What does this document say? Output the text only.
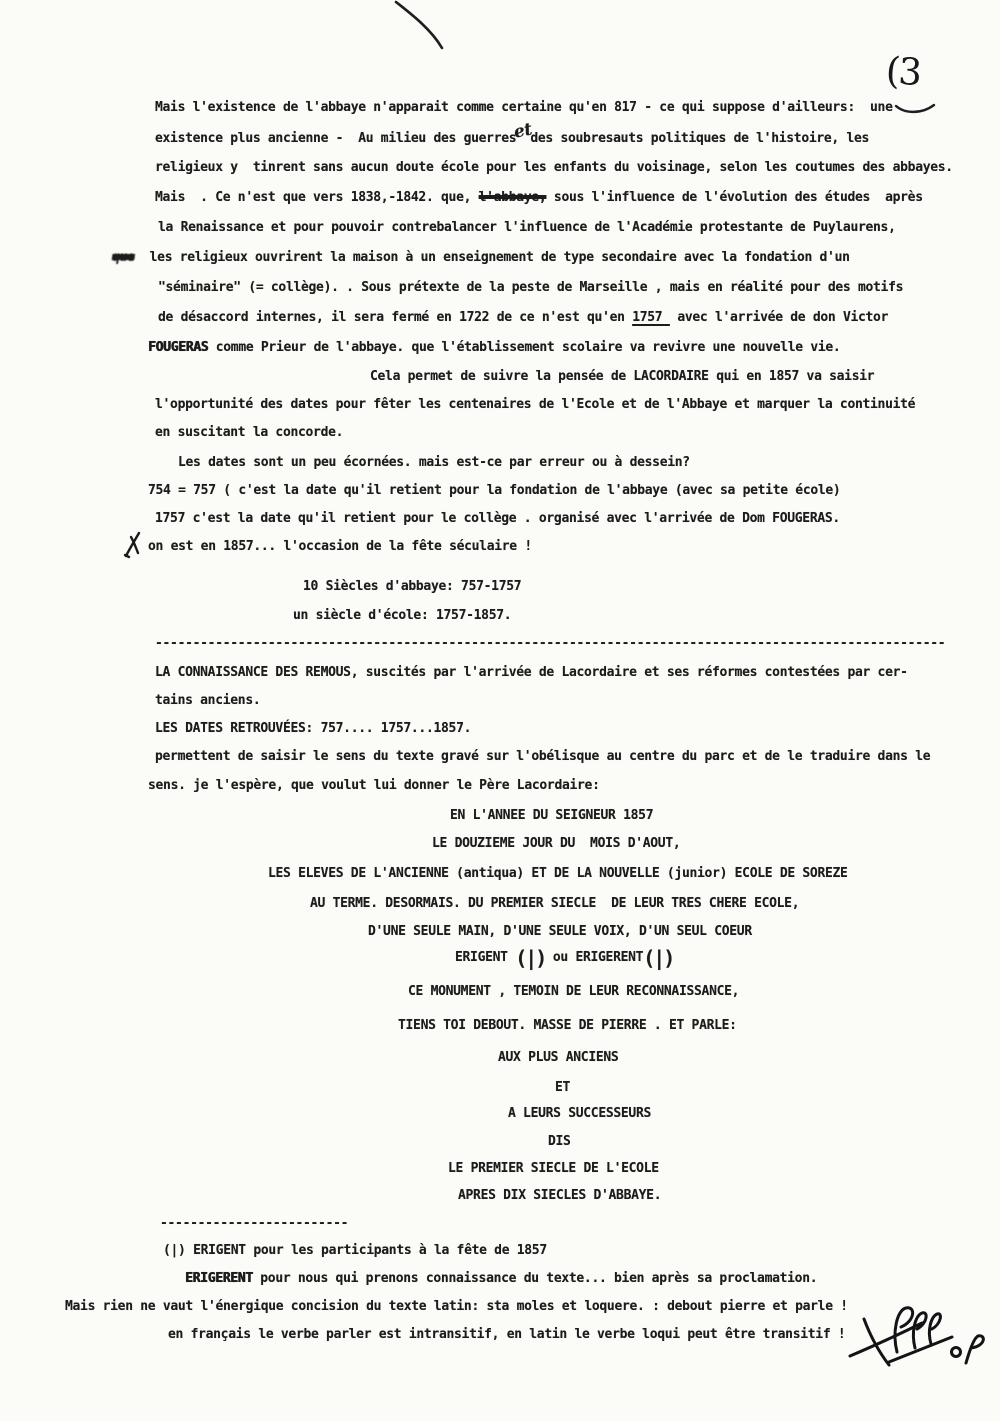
(3
Mais l'existence de l'abbaye n'apparait comme certaine qu'en 817 - ce qui suppose d'ailleurs:  une
existence plus ancienne -  Au milieu des guerresetdes soubresauts politiques de l'histoire, les
religieux y  tinrent sans aucun doute école pour les enfants du voisinage, selon les coutumes des abbayes.
Mais  . Ce n'est que vers 1838,-1842. que, l'abbaye, sous l'influence de l'évolution des études  après
la Renaissance et pour pouvoir contrebalancer l'influence de l'Académie protestante de Puylaurens,
que  les religieux ouvrirent la maison à un enseignement de type secondaire avec la fondation d'un
"séminaire" (= collège). . Sous prétexte de la peste de Marseille , mais en réalité pour des motifs
de désaccord internes, il sera fermé en 1722 de ce n'est qu'en 1757  avec l'arrivée de don Victor
FOUGERAS comme Prieur de l'abbaye. que l'établissement scolaire va revivre une nouvelle vie.
Cela permet de suivre la pensée de LACORDAIRE qui en 1857 va saisir
l'opportunité des dates pour fêter les centenaires de l'Ecole et de l'Abbaye et marquer la continuité
en suscitant la concorde.
Les dates sont un peu écornées. mais est-ce par erreur ou à dessein?
754 = 757 ( c'est la date qu'il retient pour la fondation de l'abbaye (avec sa petite école)
1757 c'est la date qu'il retient pour le collège . organisé avec l'arrivée de Dom FOUGERAS.
on est en 1857... l'occasion de la fête séculaire !
10 Siècles d'abbaye: 757-1757
un siècle d'école: 1757-1857.
---------------------------------------------------------------------------------------------------------
LA CONNAISSANCE DES REMOUS, suscités par l'arrivée de Lacordaire et ses réformes contestées par cer-
tains anciens.
LES DATES RETROUVÉES: 757.... 1757...1857.
permettent de saisir le sens du texte gravé sur l'obélisque au centre du parc et de le traduire dans le
sens. je l'espère, que voulut lui donner le Père Lacordaire:
EN L'ANNEE DU SEIGNEUR 1857
LE DOUZIEME JOUR DU  MOIS D'AOUT,
LES ELEVES DE L'ANCIENNE (antiqua) ET DE LA NOUVELLE (junior) ECOLE DE SOREZE
AU TERME. DESORMAIS. DU PREMIER SIECLE  DE LEUR TRES CHERE ECOLE,
D'UNE SEULE MAIN, D'UNE SEULE VOIX, D'UN SEUL COEUR
ERIGENT (|) ou ERIGERENT(|)
CE MONUMENT , TEMOIN DE LEUR RECONNAISSANCE,
TIENS TOI DEBOUT. MASSE DE PIERRE . ET PARLE:
AUX PLUS ANCIENS
ET
A LEURS SUCCESSEURS
DIS
LE PREMIER SIECLE DE L'ECOLE
APRES DIX SIECLES D'ABBAYE.
-------------------------
(|) ERIGENT pour les participants à la fête de 1857
ERIGERENT pour nous qui prenons connaissance du texte... bien après sa proclamation.
Mais rien ne vaut l'énergique concision du texte latin: sta moles et loquere. : debout pierre et parle !
en français le verbe parler est intransitif, en latin le verbe loqui peut être transitif !
